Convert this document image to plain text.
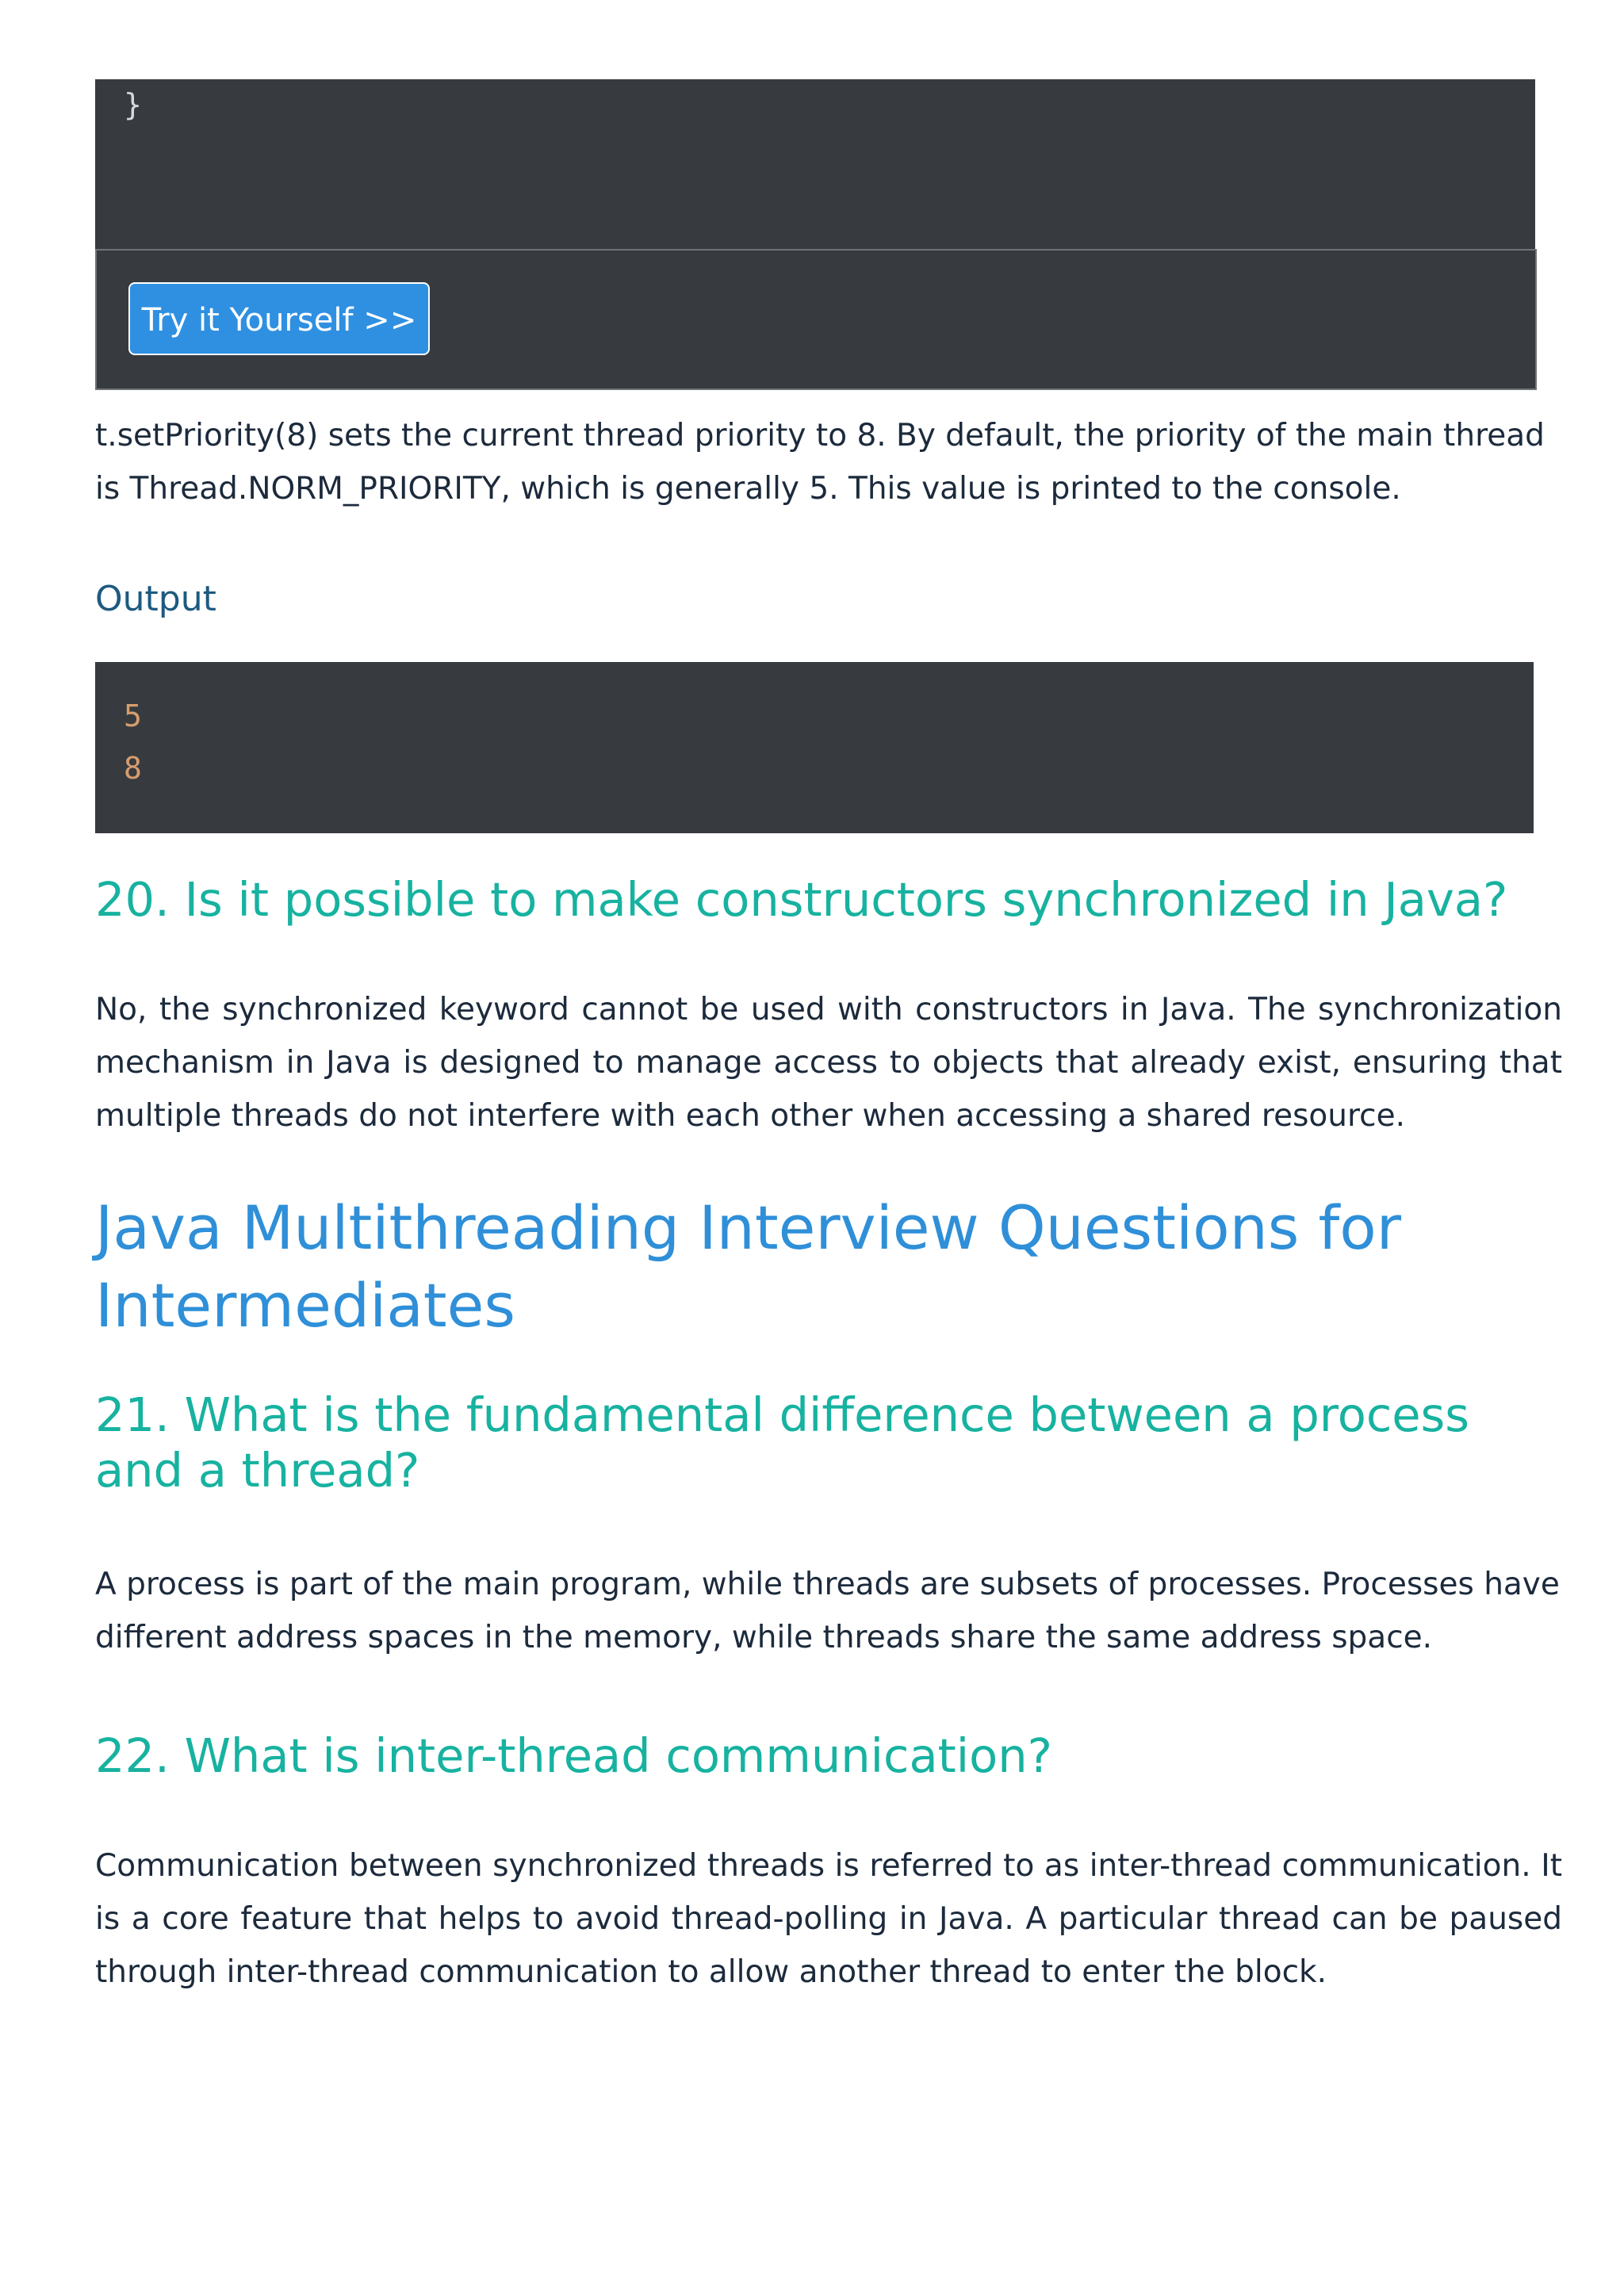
}
Try it Yourself >>

t.setPriority(8) sets the current thread priority to 8. By default, the priority of the main thread is Thread.NORM_PRIORITY, which is generally 5. This value is printed to the console.

Output

5
8
20. Is it possible to make constructors synchronized in Java?

No, the synchronized keyword cannot be used with constructors in Java. The synchronization mechanism in Java is designed to manage access to objects that already exist, ensuring that multiple threads do not interfere with each other when accessing a shared resource.

Java Multithreading Interview Questions for Intermediates
21. What is the fundamental difference between a process and a thread?

A process is part of the main program, while threads are subsets of processes. Processes have different address spaces in the memory, while threads share the same address space.

22. What is inter-thread communication?

Communication between synchronized threads is referred to as inter-thread communication. It is a core feature that helps to avoid thread-polling in Java. A particular thread can be paused through inter-thread communication to allow another thread to enter the block.
